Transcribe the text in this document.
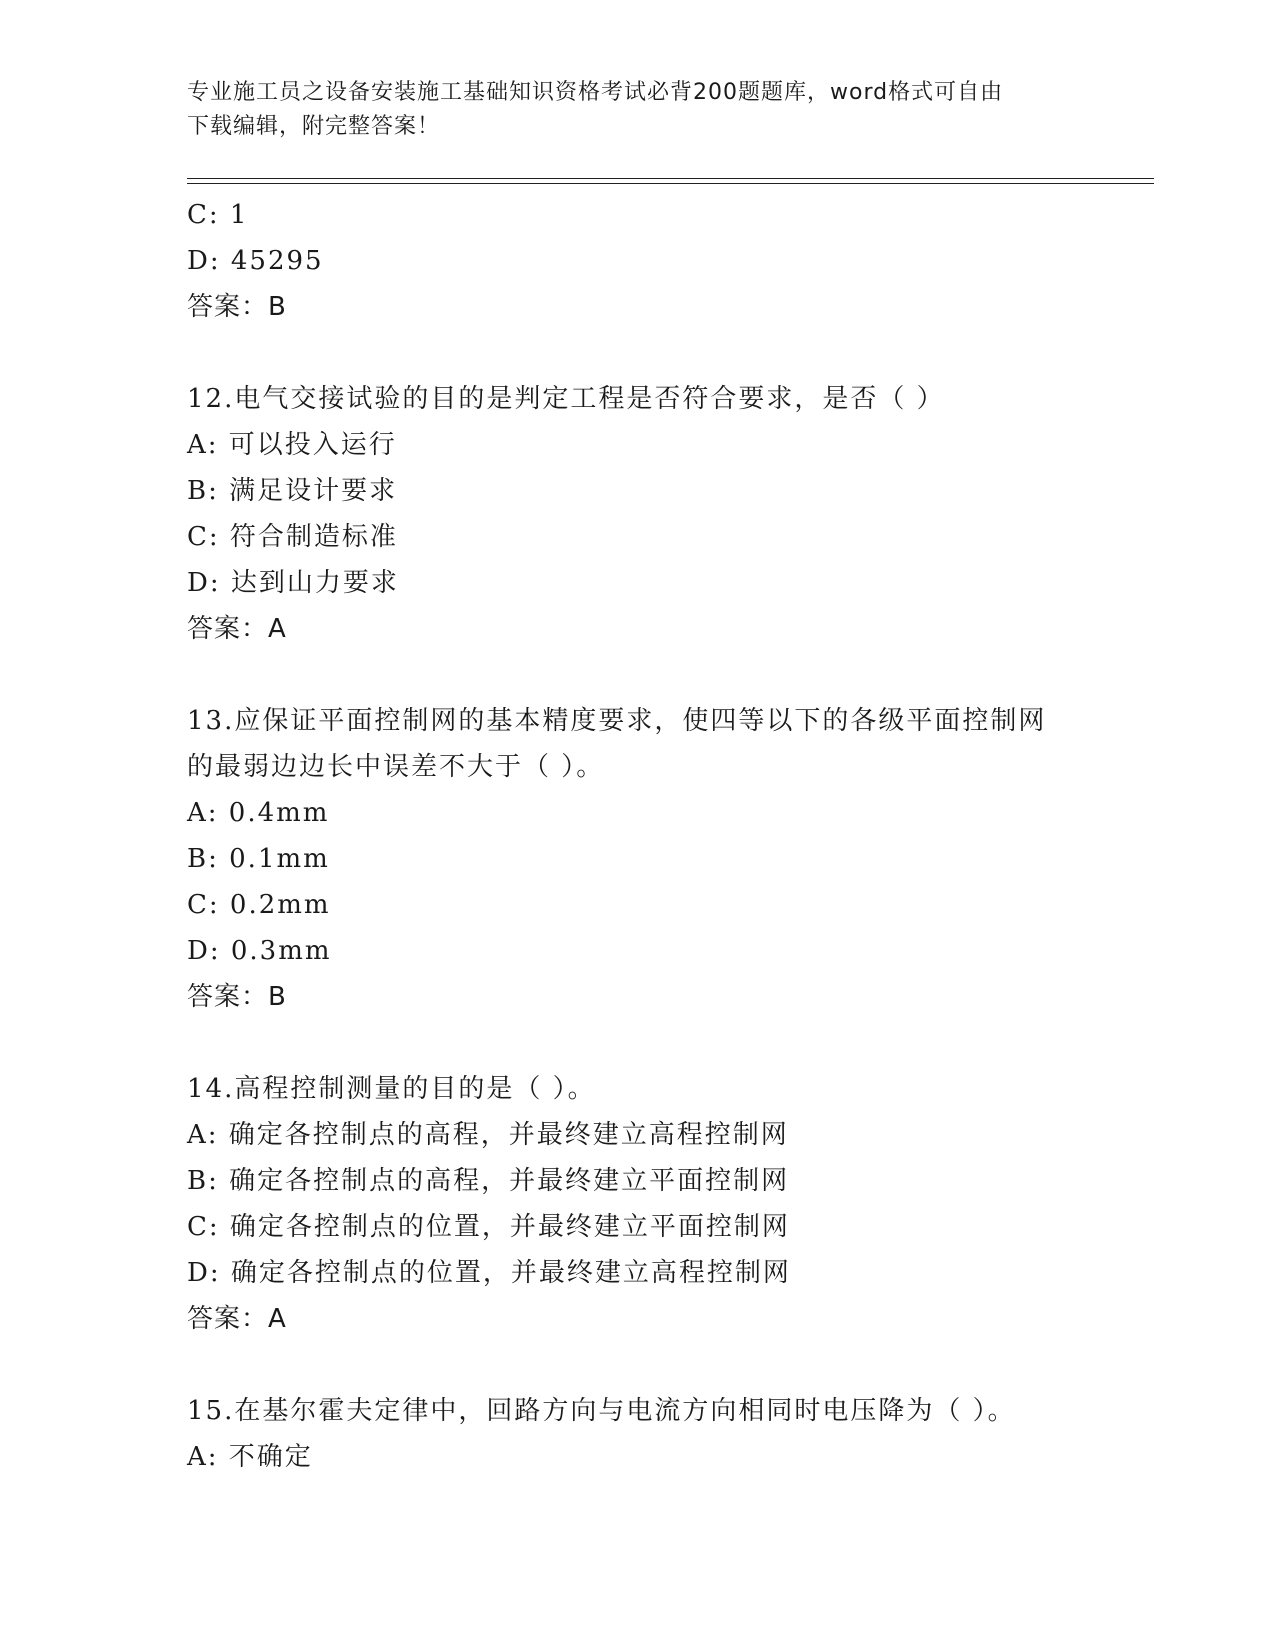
专业施工员之设备安装施工基础知识资格考试必背200题题库，word格式可自由
下载编辑，附完整答案！
C: 1
D: 45295
答案：B
12.电气交接试验的目的是判定工程是否符合要求，是否（ ）
A: 可以投入运行
B: 满足设计要求
C: 符合制造标准
D: 达到山力要求
答案：A
13.应保证平面控制网的基本精度要求，使四等以下的各级平面控制网
的最弱边边长中误差不大于（ ）。
A: 0.4mm
B: 0.1mm
C: 0.2mm
D: 0.3mm
答案：B
14.高程控制测量的目的是（ ）。
A: 确定各控制点的高程，并最终建立高程控制网
B: 确定各控制点的高程，并最终建立平面控制网
C: 确定各控制点的位置，并最终建立平面控制网
D: 确定各控制点的位置，并最终建立高程控制网
答案：A
15.在基尔霍夫定律中，回路方向与电流方向相同时电压降为（ ）。
A: 不确定
